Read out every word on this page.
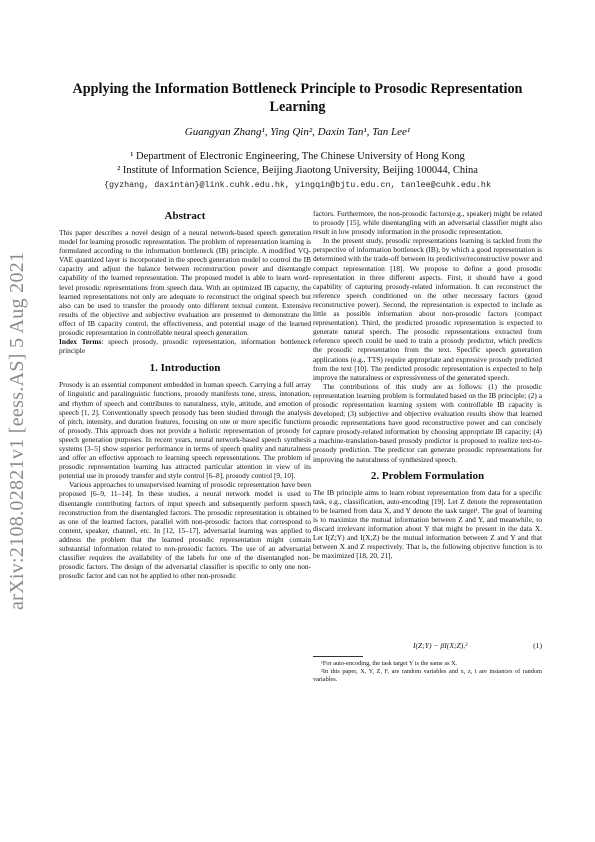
arXiv:2108.02821v1 [eess.AS] 5 Aug 2021
Applying the Information Bottleneck Principle to Prosodic Representation Learning
Guangyan Zhang¹, Ying Qin², Daxin Tan¹, Tan Lee¹
¹ Department of Electronic Engineering, The Chinese University of Hong Kong
² Institute of Information Science, Beijing Jiaotong University, Beijing 100044, China
{gyzhang, daxintan}@link.cuhk.edu.hk, yingqin@bjtu.edu.cn, tanlee@cuhk.edu.hk
Abstract

This paper describes a novel design of a neural network-based speech generation model for learning prosodic representation. The problem of representation learning is formulated according to the information bottleneck (IB) principle. A modified VQ-VAE quantized layer is incorporated in the speech generation model to control the IB capacity and adjust the balance between reconstruction power and disentangle capability of the learned representation. The proposed model is able to learn word-level prosodic representations from speech data. With an optimized IB capacity, the learned representations not only are adequate to reconstruct the original speech but also can be used to transfer the prosody onto different textual content. Extensive results of the objective and subjective evaluation are presented to demonstrate the effect of IB capacity control, the effectiveness, and potential usage of the learned prosodic representation in controllable neural speech generation.

Index Terms: speech prosody, prosodic representation, information bottleneck principle

1. Introduction

Prosody is an essential component embedded in human speech. Carrying a full array of linguistic and paralinguistic functions, prosody manifests tone, stress, intonation, and rhythm of speech and contributes to naturalness, style, attitude, and emotion of speech [1, 2]. Conventionally speech prosody has been studied through the analysis of pitch, intensity, and duration features, focusing on one or more specific functions of prosody. This approach does not provide a holistic representation of prosody for speech generation purposes. In recent years, neural network-based speech synthesis systems [3–5] show superior performance in terms of speech quality and naturalness and offer an effective approach to learning speech representations. The problem of prosodic representation learning has attracted particular attention in view of its potential use in prosody transfer and style control [6–8], prosody control [9, 10].

Various approaches to unsupervised learning of prosodic representation have been proposed [6–9, 11–14]. In these studies, a neural network model is used to disentangle contributing factors of input speech and subsequently perform speech reconstruction from the disentangled factors. The prosodic representation is obtained as one of the learned factors, parallel with non-prosodic factors that correspond to content, speaker, channel, etc. In [12, 15–17], adversarial learning was applied to address the problem that the learned prosodic representation might contain substantial information related to non-prosodic factors. The use of an adversarial classifier requires the availability of the labels for one of the disentangled non-prosodic factors. The design of the adversarial classifier is specific to only one non-prosodic factor and can not be applied to other non-prosodic

factors. Furthermore, the non-prosodic factors(e.g., speaker) might be related to prosody [15], while disentangling with an adversarial classifier might also result in low prosody information in the prosodic representation.

In the present study, prosodic representations learning is tackled from the perspective of information bottleneck (IB), by which a good representation is determined with the trade-off between its predictive/reconstructive power and compact representation [18]. We propose to define a good prosodic representation in three different aspects. First, it should have a good capability of capturing prosody-related information. It can reconstruct the reference speech conditioned on the other necessary factors (good reconstructive power). Second, the representation is expected to include as little as possible information about non-prosodic factors (compact representation). Third, the predicted prosodic representation is expected to generate natural speech. The prosodic representations extracted from reference speech could be used to train a prosody predictor, which predicts the prosodic representation from the text. Specific speech generation applications (e.g., TTS) require appropriate and expressive prosody predicted from the text [10]. The predicted prosodic representation is expected to help improve the naturalness or expressiveness of the generated speech.

The contributions of this study are as follows: (1) the prosodic representation learning problem is formulated based on the IB principle; (2) a prosodic representation learning system with controllable IB capacity is developed; (3) subjective and objective evaluation results show that learned prosodic representations have good reconstructive power and can concisely capture prosody-related information by choosing appropriate IB capacity; (4) a machine-translation-based prosody predictor is proposed to realize text-to-prosody prediction. The predictor can generate prosodic representations for improving the naturalness of synthesized speech.

2. Problem Formulation

The IB principle aims to learn robust representation from data for a specific task, e.g., classification, auto-encoding [19]. Let Z denote the representation to be learned from data X, and Y denote the task target¹. The goal of learning is to maximize the mutual information between Z and Y, and meanwhile, to discard irrelevant information about Y that might be present in the data X. Let I(Z;Y) and I(X;Z) be the mutual information between Z and Y and that between X and Z respectively. That is, the following objective function is to be maximized [18, 20, 21],

I(Z;Y) − βI(X;Z),²	(1)

¹For auto-encoding, the task target Y is the same as X.

²In this paper, X, Y, Z, F, are random variables and x, z, t are instances of random variables.
